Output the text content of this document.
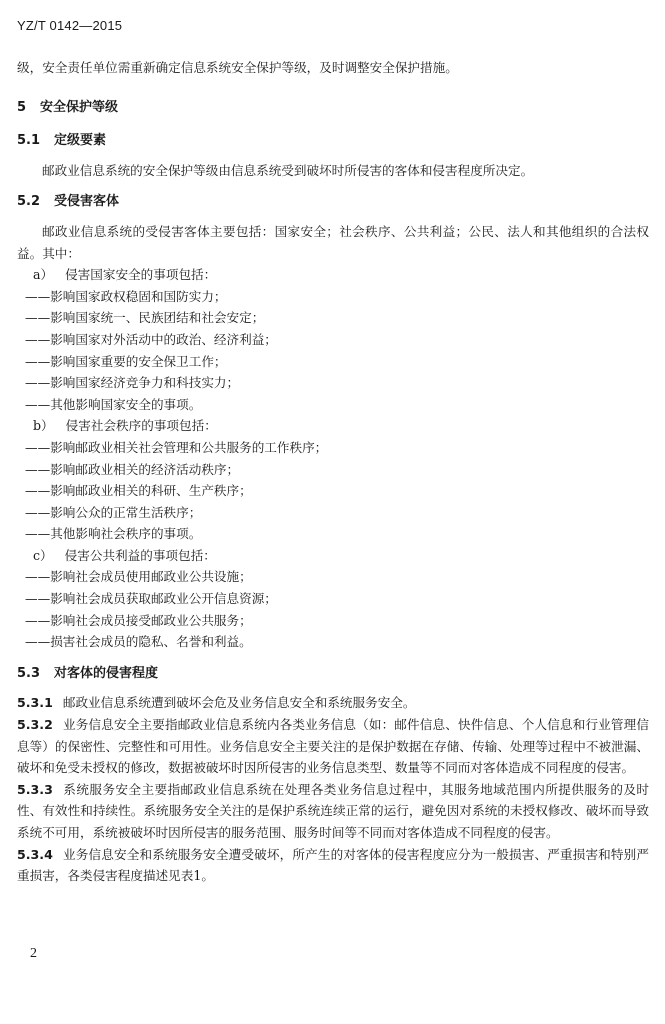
YZ/T 0142—2015

级，安全责任单位需重新确定信息系统安全保护等级，及时调整安全保护措施。

5 安全保护等级
5.1 定级要素

邮政业信息系统的安全保护等级由信息系统受到破坏时所侵害的客体和侵害程度所决定。

5.2 受侵害客体

邮政业信息系统的受侵害客体主要包括：国家安全；社会秩序、公共利益；公民、法人和其他组织的合法权益。其中：

a） 侵害国家安全的事项包括：

——影响国家政权稳固和国防实力；

——影响国家统一、民族团结和社会安定；

——影响国家对外活动中的政治、经济利益；

——影响国家重要的安全保卫工作；

——影响国家经济竞争力和科技实力；

——其他影响国家安全的事项。

b） 侵害社会秩序的事项包括：

——影响邮政业相关社会管理和公共服务的工作秩序；

——影响邮政业相关的经济活动秩序；

——影响邮政业相关的科研、生产秩序；

——影响公众的正常生活秩序；

——其他影响社会秩序的事项。

c） 侵害公共利益的事项包括：

——影响社会成员使用邮政业公共设施；

——影响社会成员获取邮政业公开信息资源；

——影响社会成员接受邮政业公共服务；

——损害社会成员的隐私、名誉和利益。

5.3 对客体的侵害程度

5.3.1 邮政业信息系统遭到破坏会危及业务信息安全和系统服务安全。

5.3.2 业务信息安全主要指邮政业信息系统内各类业务信息（如：邮件信息、快件信息、个人信息和行业管理信息等）的保密性、完整性和可用性。业务信息安全主要关注的是保护数据在存储、传输、处理等过程中不被泄漏、破坏和免受未授权的修改，数据被破坏时因所侵害的业务信息类型、数量等不同而对客体造成不同程度的侵害。

5.3.3 系统服务安全主要指邮政业信息系统在处理各类业务信息过程中，其服务地域范围内所提供服务的及时性、有效性和持续性。系统服务安全关注的是保护系统连续正常的运行，避免因对系统的未授权修改、破坏而导致系统不可用，系统被破坏时因所侵害的服务范围、服务时间等不同而对客体造成不同程度的侵害。

5.3.4 业务信息安全和系统服务安全遭受破坏，所产生的对客体的侵害程度应分为一般损害、严重损害和特别严重损害，各类侵害程度描述见表1。

2
